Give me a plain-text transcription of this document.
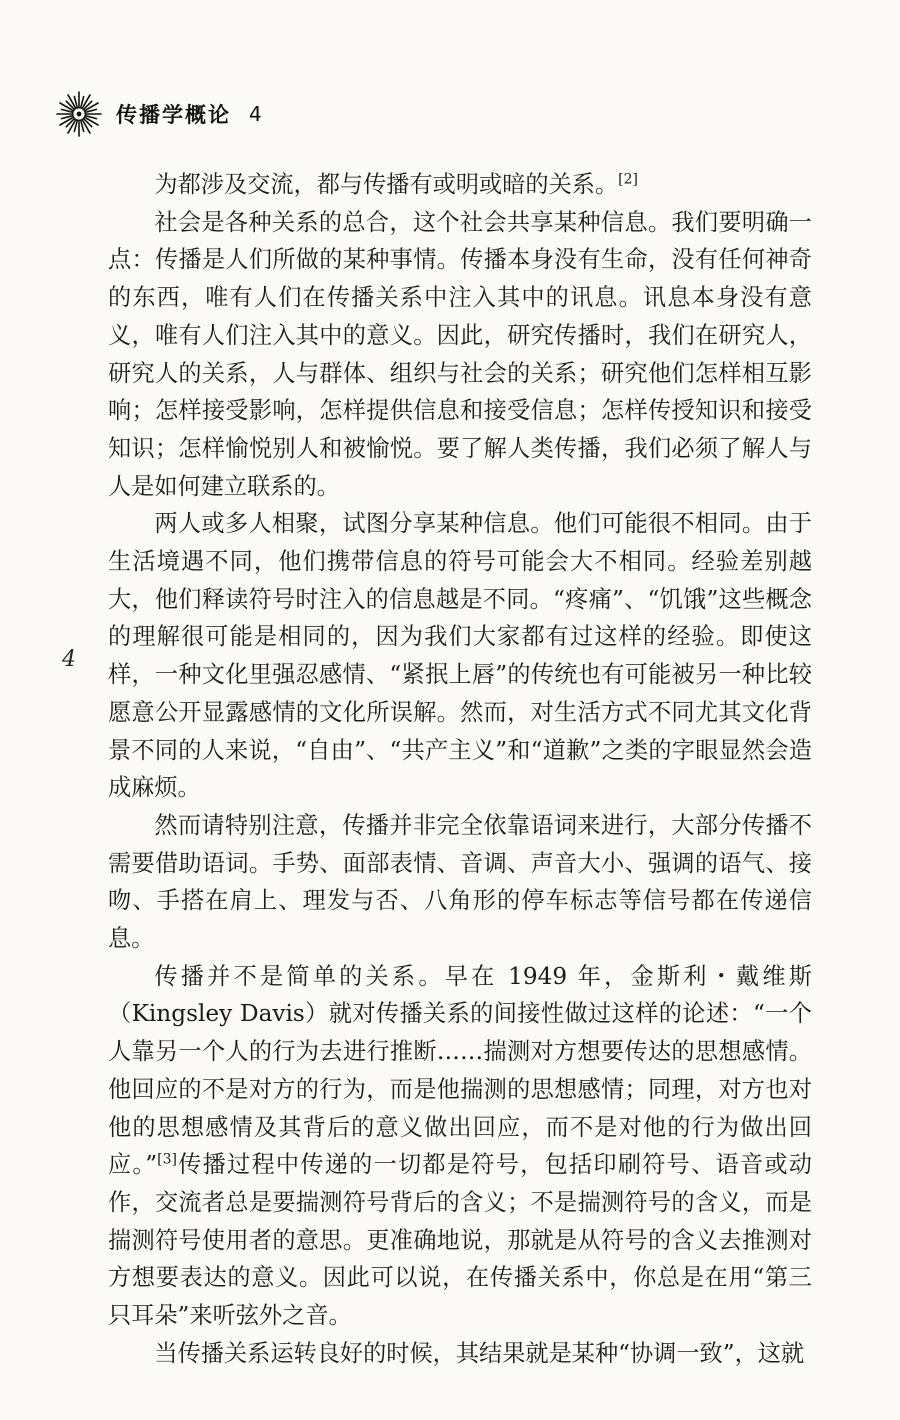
传播学概论 4
4

为都涉及交流，都与传播有或明或暗的关系。[2]

社会是各种关系的总合，这个社会共享某种信息。我们要明确一点：传播是人们所做的某种事情。传播本身没有生命，没有任何神奇的东西，唯有人们在传播关系中注入其中的讯息。讯息本身没有意义，唯有人们注入其中的意义。因此，研究传播时，我们在研究人，研究人的关系，人与群体、组织与社会的关系；研究他们怎样相互影响；怎样接受影响，怎样提供信息和接受信息；怎样传授知识和接受知识；怎样愉悦别人和被愉悦。要了解人类传播，我们必须了解人与人是如何建立联系的。

两人或多人相聚，试图分享某种信息。他们可能很不相同。由于生活境遇不同，他们携带信息的符号可能会大不相同。经验差别越大，他们释读符号时注入的信息越是不同。“疼痛”、“饥饿”这些概念的理解很可能是相同的，因为我们大家都有过这样的经验。即使这样，一种文化里强忍感情、“紧抿上唇”的传统也有可能被另一种比较愿意公开显露感情的文化所误解。然而，对生活方式不同尤其文化背景不同的人来说，“自由”、“共产主义”和“道歉”之类的字眼显然会造成麻烦。

然而请特别注意，传播并非完全依靠语词来进行，大部分传播不需要借助语词。手势、面部表情、音调、声音大小、强调的语气、接吻、手搭在肩上、理发与否、八角形的停车标志等信号都在传递信息。

传播并不是简单的关系。早在 1949 年，金斯利・戴维斯（Kingsley Davis）就对传播关系的间接性做过这样的论述：“一个人靠另一个人的行为去进行推断……揣测对方想要传达的思想感情。他回应的不是对方的行为，而是他揣测的思想感情；同理，对方也对他的思想感情及其背后的意义做出回应，而不是对他的行为做出回应。”[3]传播过程中传递的一切都是符号，包括印刷符号、语音或动作，交流者总是要揣测符号背后的含义；不是揣测符号的含义，而是揣测符号使用者的意思。更准确地说，那就是从符号的含义去推测对方想要表达的意义。因此可以说，在传播关系中，你总是在用“第三只耳朵”来听弦外之音。

当传播关系运转良好的时候，其结果就是某种“协调一致”，这就
